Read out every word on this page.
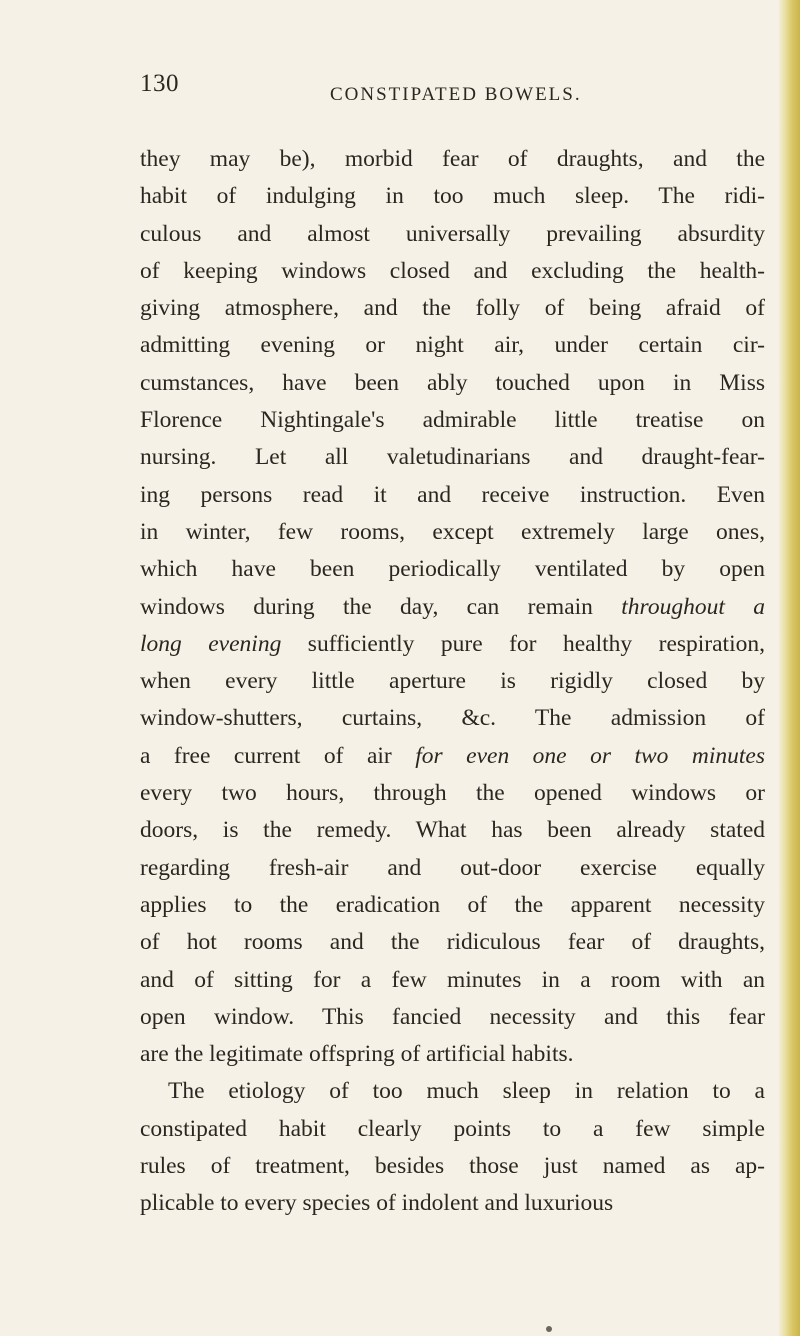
130	CONSTIPATED BOWELS.
they may be), morbid fear of draughts, and the
habit of indulging in too much sleep. The ridi-
culous and almost universally prevailing absurdity
of keeping windows closed and excluding the health-
giving atmosphere, and the folly of being afraid of
admitting evening or night air, under certain cir-
cumstances, have been ably touched upon in Miss
Florence Nightingale's admirable little treatise on
nursing. Let all valetudinarians and draught-fear-
ing persons read it and receive instruction. Even
in winter, few rooms, except extremely large ones,
which have been periodically ventilated by open
windows during the day, can remain throughout a
long evening sufficiently pure for healthy respiration,
when every little aperture is rigidly closed by
window-shutters, curtains, &c. The admission of
a free current of air for even one or two minutes
every two hours, through the opened windows or
doors, is the remedy. What has been already stated
regarding fresh-air and out-door exercise equally
applies to the eradication of the apparent necessity
of hot rooms and the ridiculous fear of draughts,
and of sitting for a few minutes in a room with an
open window. This fancied necessity and this fear
are the legitimate offspring of artificial habits.
The etiology of too much sleep in relation to a
constipated habit clearly points to a few simple
rules of treatment, besides those just named as ap-
plicable to every species of indolent and luxurious
